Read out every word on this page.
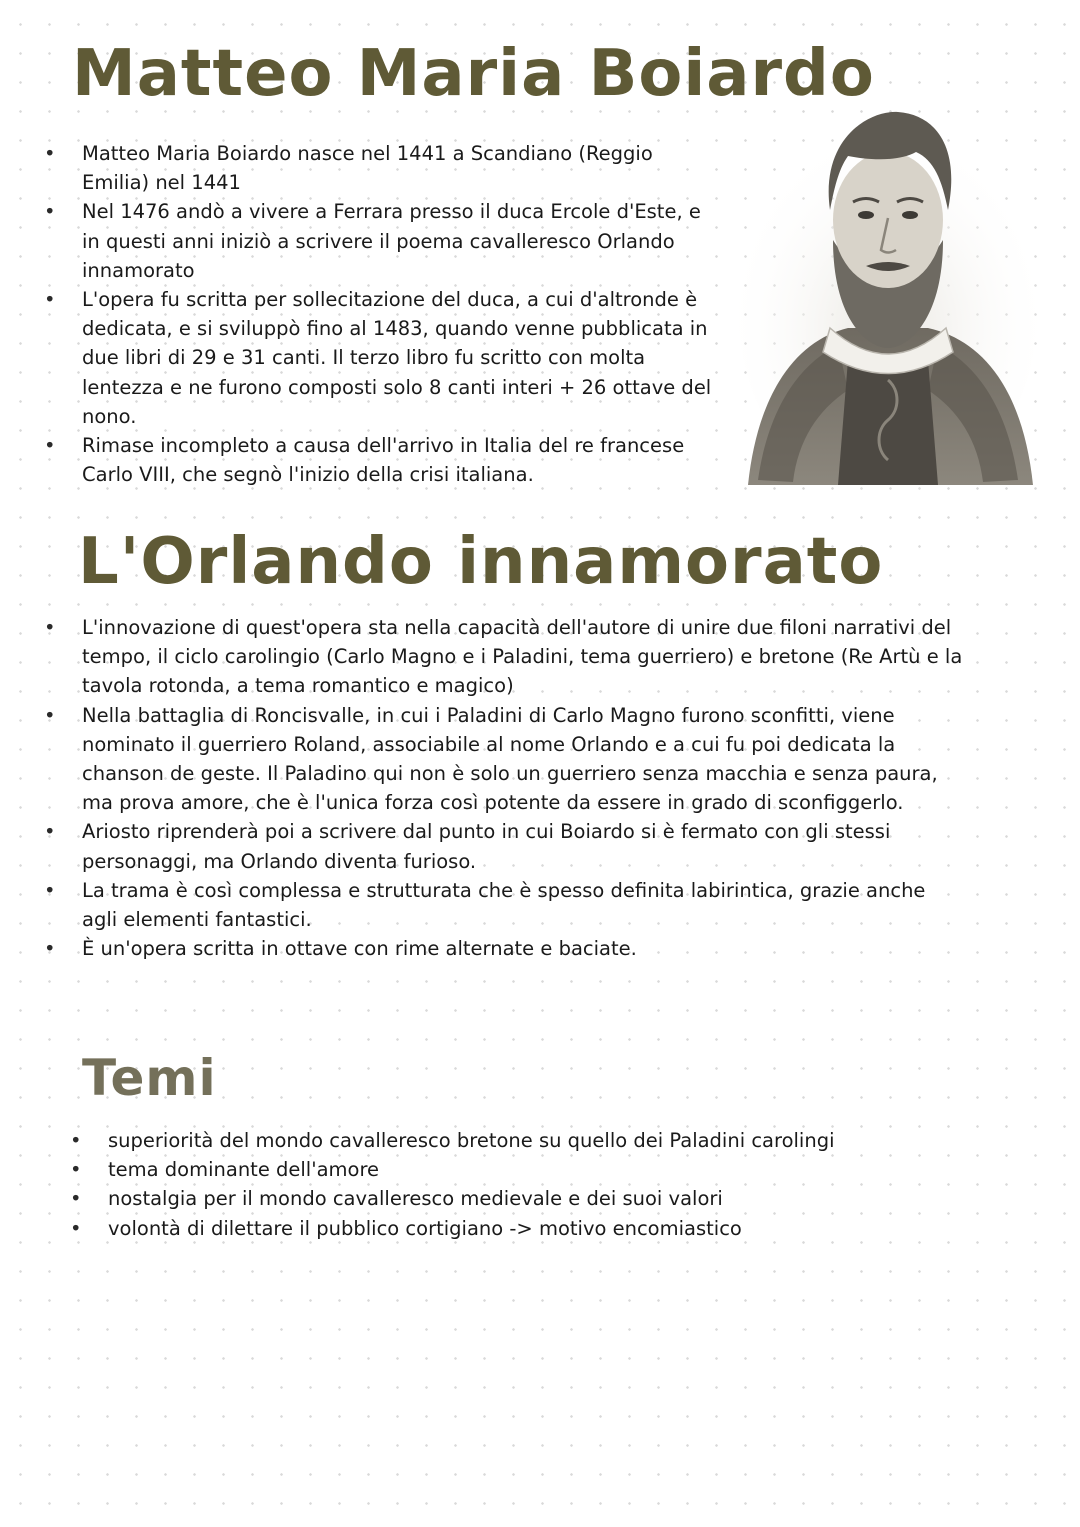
Matteo Maria Boiardo
• Matteo Maria Boiardo nasce nel 1441 a Scandiano (Reggio Emilia) nel 1441
• Nel 1476 andò a vivere a Ferrara presso il duca Ercole d'Este, e in questi anni iniziò a scrivere il poema cavalleresco Orlando innamorato
• L'opera fu scritta per sollecitazione del duca, a cui d'altronde è dedicata, e si sviluppò fino al 1483, quando venne pubblicata in due libri di 29 e 31 canti. Il terzo libro fu scritto con molta lentezza e ne furono composti solo 8 canti interi + 26 ottave del nono.
• Rimase incompleto a causa dell'arrivo in Italia del re francese Carlo VIII, che segnò l'inizio della crisi italiana.
L'Orlando innamorato
• L'innovazione di quest'opera sta nella capacità dell'autore di unire due filoni narrativi del tempo, il ciclo carolingio (Carlo Magno e i Paladini, tema guerriero) e bretone (Re Artù e la tavola rotonda, a tema romantico e magico)
• Nella battaglia di Roncisvalle, in cui i Paladini di Carlo Magno furono sconfitti, viene nominato il guerriero Roland, associabile al nome Orlando e a cui fu poi dedicata la chanson de geste. Il Paladino qui non è solo un guerriero senza macchia e senza paura, ma prova amore, che è l'unica forza così potente da essere in grado di sconfiggerlo.
• Ariosto riprenderà poi a scrivere dal punto in cui Boiardo si è fermato con gli stessi personaggi, ma Orlando diventa furioso.
• La trama è così complessa e strutturata che è spesso definita labirintica, grazie anche agli elementi fantastici.
• È un'opera scritta in ottave con rime alternate e baciate.
Temi
• superiorità del mondo cavalleresco bretone su quello dei Paladini carolingi
• tema dominante dell'amore
• nostalgia per il mondo cavalleresco medievale e dei suoi valori
• volontà di dilettare il pubblico cortigiano -> motivo encomiastico
